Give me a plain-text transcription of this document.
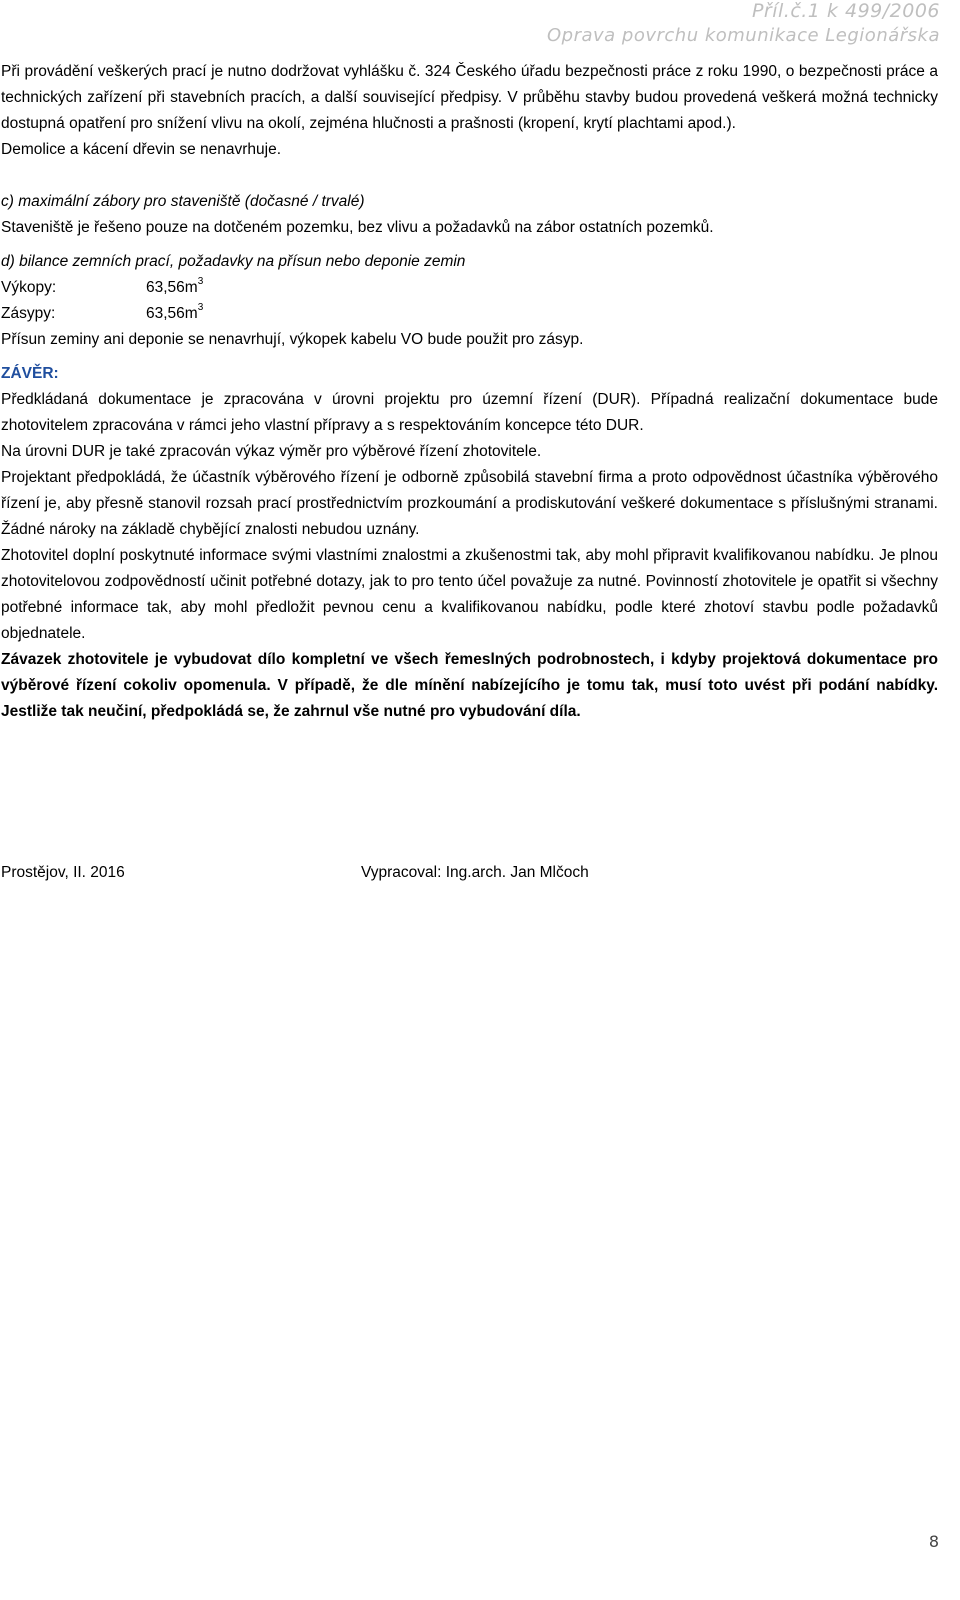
Příl.č.1 k 499/2006
Oprava povrchu komunikace Legionářska

Při provádění veškerých prací je nutno dodržovat vyhlášku č. 324 Českého úřadu bezpečnosti práce z roku 1990, o bezpečnosti práce a technických zařízení při stavebních pracích, a další související předpisy. V průběhu stavby budou provedená veškerá možná technicky dostupná opatření pro snížení vlivu na okolí, zejména hlučnosti a prašnosti (kropení, krytí plachtami apod.).

Demolice a kácení dřevin se nenavrhuje.

c) maximální zábory pro staveniště (dočasné / trvalé)

Staveniště je řešeno pouze na dotčeném pozemku, bez vlivu a požadavků na zábor ostatních pozemků.

d) bilance zemních prací, požadavky na přísun nebo deponie zemin

Výkopy:	$63,56m^3$
Zásypy:	$63,56m^3$

Přísun zeminy ani deponie se nenavrhují, výkopek kabelu VO bude použit pro zásyp.

ZÁVĚR:

Předkládaná dokumentace je zpracována v úrovni projektu pro územní řízení (DUR). Případná realizační dokumentace bude zhotovitelem zpracována v rámci jeho vlastní přípravy a s respektováním koncepce této DUR.

Na úrovni DUR je také zpracován výkaz výměr pro výběrové řízení zhotovitele.

Projektant předpokládá, že účastník výběrového řízení je odborně způsobilá stavební firma a proto odpovědnost účastníka výběrového řízení je, aby přesně stanovil rozsah prací prostřednictvím prozkoumání a prodiskutování veškeré dokumentace s příslušnými stranami. Žádné nároky na základě chybějící znalosti nebudou uznány.

Zhotovitel doplní poskytnuté informace svými vlastními znalostmi a zkušenostmi tak, aby mohl připravit kvalifikovanou nabídku. Je plnou zhotovitelovou zodpovědností učinit potřebné dotazy, jak to pro tento účel považuje za nutné. Povinností zhotovitele je opatřit si všechny potřebné informace tak, aby mohl předložit pevnou cenu a kvalifikovanou nabídku, podle které zhotoví stavbu podle požadavků objednatele.

Závazek zhotovitele je vybudovat dílo kompletní ve všech řemeslných podrobnostech, i kdyby projektová dokumentace pro výběrové řízení cokoliv opomenula. V případě, že dle mínění nabízejícího je tomu tak, musí toto uvést při podání nabídky. Jestliže tak neučiní, předpokládá se, že zahrnul vše nutné pro vybudování díla.

Prostějov, II. 2016	Vypracoval: Ing.arch. Jan Mlčoch
8
